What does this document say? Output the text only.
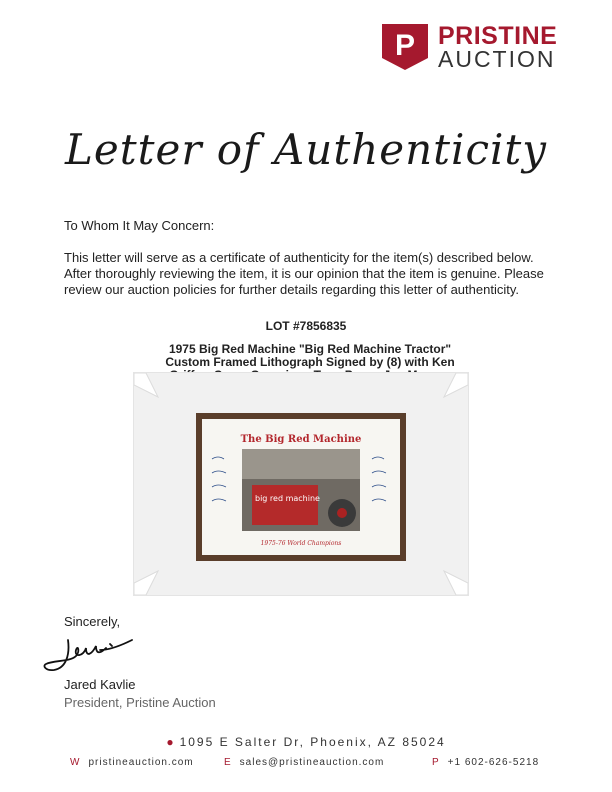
P PRISTINE
AUCTION
Letter of Authenticity
To Whom It May Concern:
This letter will serve as a certificate of authenticity for the item(s) described below. After thoroughly reviewing the item, it is our opinion that the item is genuine. Please review our auction policies for further details regarding this letter of authenticity.
LOT #7856835
1975 Big Red Machine "Big Red Machine Tractor" Custom Framed Lithograph Signed by (8) with Ken
The Big Red Machine
big red machine
1975-76 World Champions
Sincerely,
Jared Kavlie
President, Pristine Auction
● 1095 E Salter Dr, Phoenix, AZ 85024
W pristineauction.com	E sales@pristineauction.com	P +1 602-626-5218
